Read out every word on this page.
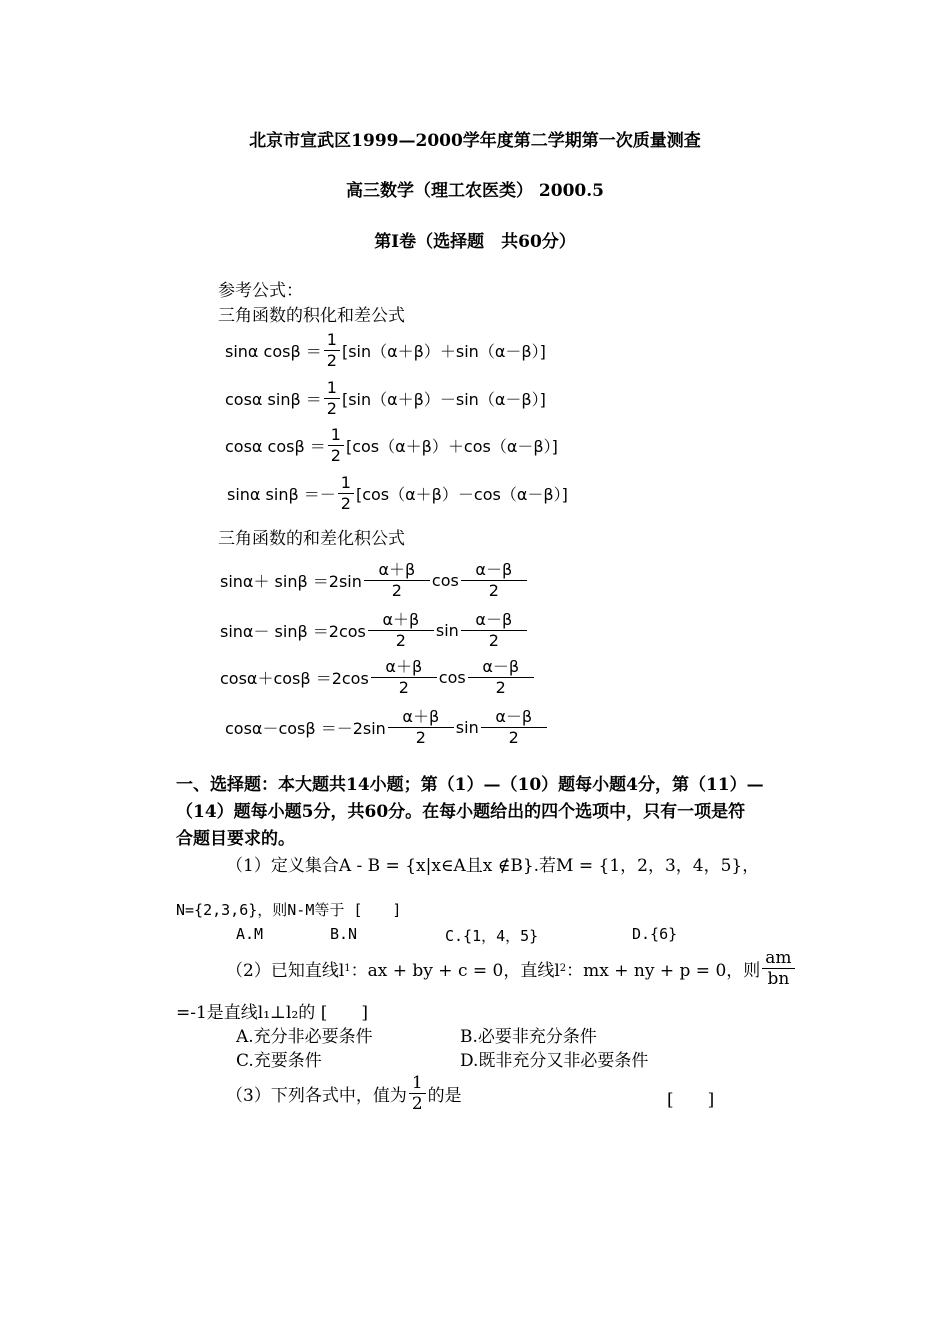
北京市宣武区1999—2000学年度第二学期第一次质量测查
高三数学（理工农医类） 2000.5
第Ⅰ卷（选择题　共60分）
参考公式：
三角函数的积化和差公式
sinα $\cos\beta = \frac{1}{2} [\sin(\alpha+\beta)+\sin(\alpha-\beta)]$
cosα $\sin\beta = \frac{1}{2} [\sin(\alpha+\beta)-\sin(\alpha-\beta)]$
cosα $\cos\beta = \frac{1}{2} [\cos(\alpha+\beta)+\cos(\alpha-\beta)]$
sinα $\sin\beta =- \frac{1}{2} [\cos(\alpha+\beta)-\cos(\alpha-\beta)]$
三角函数的和差化积公式
$\sin\alpha+ \sin\beta =2\sin \frac{\alpha+\beta}{2}$ $\cos \frac{\alpha-\beta}{2}$
$\sin\alpha- \sin\beta =2\cos \frac{\alpha+\beta}{2}$ $\sin \frac{\alpha-\beta}{2}$
$\cos\alpha+\cos\beta =2\cos \frac{\alpha+\beta}{2}$ $\cos \frac{\alpha-\beta}{2}$
$\cos\alpha-\cos\beta =-2\sin \frac{\alpha+\beta}{2}$ $\sin \frac{\alpha-\beta}{2}$
一、选择题：本大题共14小题；第（1）—（10）题每小题4分，第（11）—
（14）题每小题5分，共60分。在每小题给出的四个选项中，只有一项是符
合题目要求的。
（1）定义集合A - B = {x|x∈A且x ∉B}.若M = {1，2，3，4，5}，
N={2,3,6}，则N-M等于 [　　]
A.M	B.N	C.{1，4，5}	D.{6}
（2）已知直线l 1 ：ax + by + c = 0，直线l 2 ：mx + ny + p = 0，则 $\frac{am}{bn}$
=-1是直线l₁⊥l₂的 [　　]
A.充分非必要条件	B.必要非充分条件
C.充要条件	D.既非充分又非必要条件
（3）下列各式中，值为 $\frac{1}{2}$ 的是	[　　]
